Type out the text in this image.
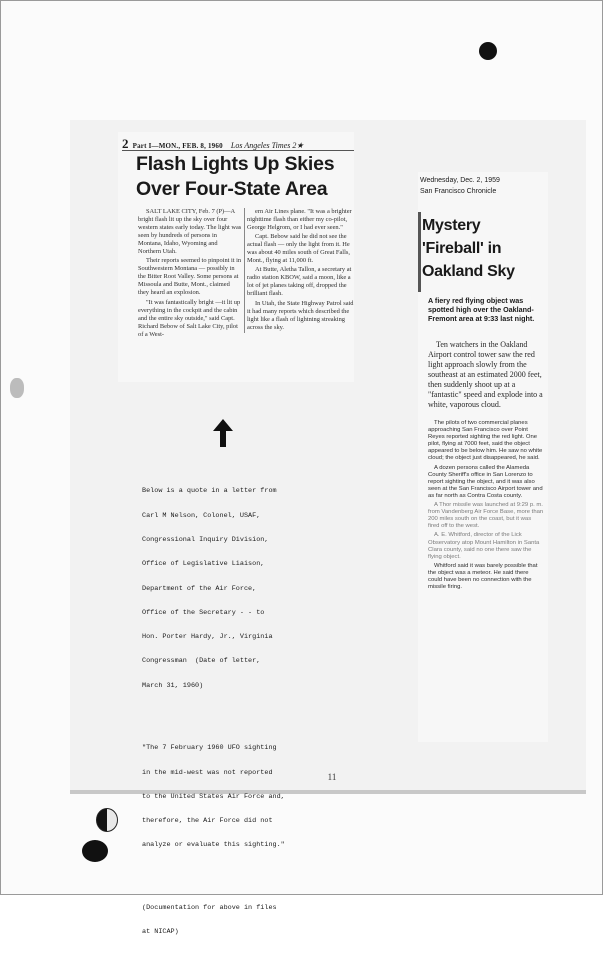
2 Part I—MON., FEB. 8, 1960 Los Angeles Times 2★
Flash Lights Up Skies
Over Four-State Area

SALT LAKE CITY, Feb. 7 (P)—A bright flash lit up the sky over four western states early today. The light was seen by hundreds of persons in Montana, Idaho, Wyoming and Northern Utah.

Their reports seemed to pinpoint it in Southwestern Montana — possibly in the Bitter Root Valley. Some persons at Missoula and Butte, Mont., claimed they heard an explosion.

"It was fantastically bright —it lit up everything in the cockpit and the cabin and the entire sky outside," said Capt. Richard Bebow of Salt Lake City, pilot of a West-

ern Air Lines plane. "It was a brighter nighttime flash than either my co-pilot, George Helgrom, or I had ever seen."

Capt. Bebow said he did not see the actual flash — only the light from it. He was about 40 miles south of Great Falls, Mont., flying at 11,000 ft.

At Butte, Aletha Tallon, a secretary at radio station KBOW, said a moon, like a lot of jet planes taking off, dropped the brilliant flash.

In Utah, the State Highway Patrol said it had many reports which described the light like a flash of lightning streaking across the sky.

Below is a quote in a letter from

Carl M Nelson, Colonel, USAF,

Congressional Inquiry Division,

Office of Legislative Liaison,

Department of the Air Force,

Office of the Secretary - - to

Hon. Porter Hardy, Jr., Virginia

Congressman  (Date of letter,

March 31, 1960)

"The 7 February 1960 UFO sighting

in the mid-west was not reported

to the United States Air Force and,

therefore, the Air Force did not

analyze or evaluate this sighting."

(Documentation for above in files

at NICAP)

Wednesday, Dec. 2, 1959
San Francisco Chronicle
Mystery
'Fireball' in
Oakland Sky
A fiery red flying object was spotted high over the Oakland-Fremont area at 9:33 last night.

Ten watchers in the Oakland Airport control tower saw the red light approach slowly from the southeast at an estimated 2000 feet, then suddenly shoot up at a "fantastic" speed and explode into a white, vaporous cloud.

The pilots of two commercial planes approaching San Francisco over Point Reyes reported sighting the red light. One pilot, flying at 7000 feet, said the object appeared to be below him. He saw no white cloud; the object just disappeared, he said.

A dozen persons called the Alameda County Sheriff's office in San Lorenzo to report sighting the object, and it was also seen at the San Francisco Airport tower and as far north as Contra Costa county.

A Thor missile was launched at 9:29 p. m. from Vandenberg Air Force Base, more than 200 miles south on the coast, but it was fired off to the west.

A. E. Whitford, director of the Lick Observatory atop Mount Hamilton in Santa Clara county, said no one there saw the flying object.

Whitford said it was barely possible that the object was a meteor. He said there could have been no connection with the missile firing.

11
